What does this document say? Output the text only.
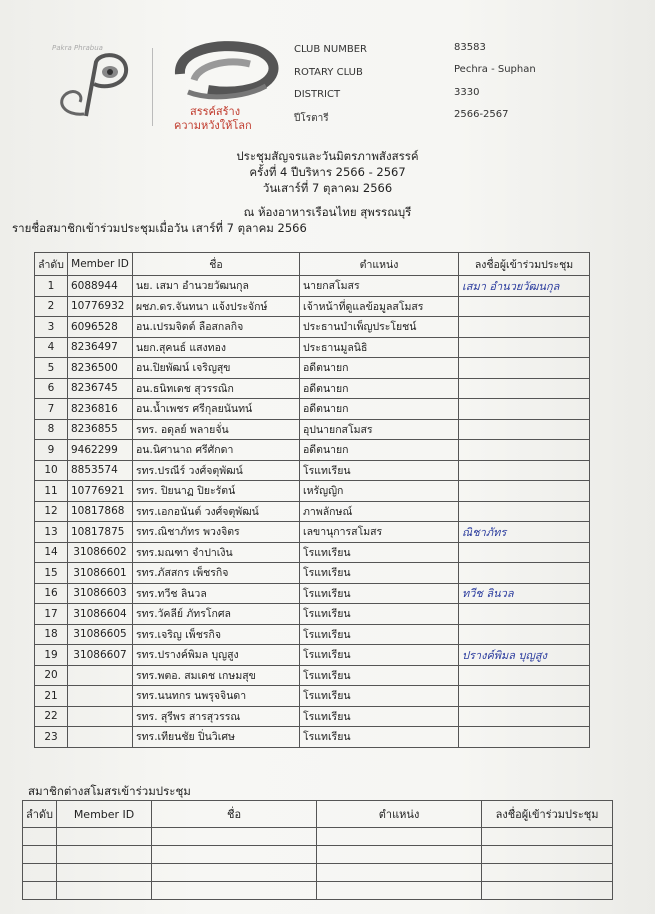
Pakra Phrabua
สรรค์สร้าง
ความหวังให้โลก
CLUB NUMBER	83583
ROTARY CLUB	Pechra - Suphan
DISTRICT	3330
ปีโรตารี	2566-2567
ประชุมสัญจรและวันมิตรภาพสังสรรค์
ครั้งที่ 4 ปีบริหาร 2566 - 2567
วันเสาร์ที่ 7 ตุลาคม 2566
ณ ห้องอาหารเรือนไทย สุพรรณบุรี
รายชื่อสมาชิกเข้าร่วมประชุมเมื่อวัน เสาร์ที่ 7 ตุลาคม 2566
ลำดับ	Member ID	ชื่อ	ตำแหน่ง	ลงชื่อผู้เข้าร่วมประชุม
1	6088944	นย. เสมา อำนวยวัฒนกุล	นายกสโมสร	เสมา อำนวยวัฒนกุล
2	10776932	ผชภ.ดร.จันทนา แจ้งประจักษ์	เจ้าหน้าที่ดูแลข้อมูลสโมสร	
3	6096528	อน.เปรมจิตต์ ลือสกลกิจ	ประธานบำเพ็ญประโยชน์	
4	8236497	นยก.สุคนธ์ แสงทอง	ประธานมูลนิธิ	
5	8236500	อน.ปิยพัฒน์ เจริญสุข	อดีตนายก	
6	8236745	อน.ธนิทเดช สุวรรณิก	อดีตนายก	
7	8236816	อน.น้ำเพชร ศรีกุลยนันทน์	อดีตนายก	
8	8236855	รทร. อดุลย์ พลายจั่น	อุปนายกสโมสร	
9	9462299	อน.นิศานาถ ศรีศักดา	อดีตนายก	
10	8853574	รทร.ปรณีร์ วงศ์จตุพัฒน์	โรแทเรียน	
11	10776921	รทร. ปิยนาฏ ปิยะรัตน์	เหรัญญิก	
12	10817868	รทร.เอกอนันต์ วงศ์จตุพัฒน์	ภาพลักษณ์	
13	10817875	รทร.ณิชาภัทร พวงจิตร	เลขานุการสโมสร	ณิชาภัทร
14	31086602	รทร.มณฑา จำปาเงิน	โรแทเรียน	
15	31086601	รทร.ภัสสกร เพ็ชรกิจ	โรแทเรียน	
16	31086603	รทร.ทวีช ลินวล	โรแทเรียน	ทวีช ลินวล
17	31086604	รทร.วัคลีย์ ภัทรโกศล	โรแทเรียน	
18	31086605	รทร.เจริญ เพ็ชรกิจ	โรแทเรียน	
19	31086607	รทร.ปรางค์พิมล บุญสูง	โรแทเรียน	ปรางค์พิมล บุญสูง
20		รทร.พตอ. สมเดช เกษมสุข	โรแทเรียน	
21		รทร.นนทกร นพรุจจินดา	โรแทเรียน	
22		รทร. สุรีพร สารสุวรรณ	โรแทเรียน	
23		รทร.เทียนชัย ปิ่นวิเศษ	โรแทเรียน	
สมาชิกต่างสโมสรเข้าร่วมประชุม
ลำดับ	Member ID	ชื่อ	ตำแหน่ง	ลงชื่อผู้เข้าร่วมประชุม
